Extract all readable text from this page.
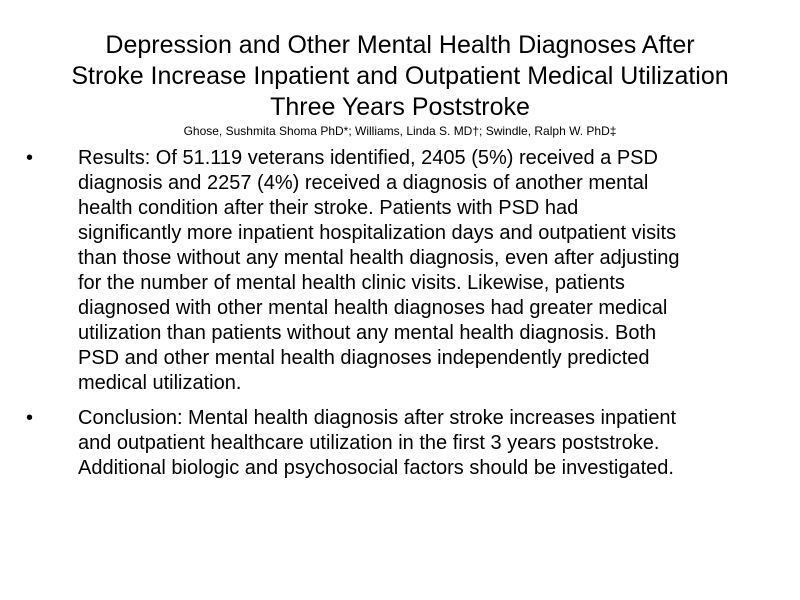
Depression and Other Mental Health Diagnoses After
Stroke Increase Inpatient and Outpatient Medical Utilization
Three Years Poststroke
Ghose, Sushmita Shoma PhD*; Williams, Linda S. MD†; Swindle, Ralph W. PhD‡
•	Results: Of 51.119 veterans identified, 2405 (5%) received a PSD
diagnosis and 2257 (4%) received a diagnosis of another mental
health condition after their stroke. Patients with PSD had
significantly more inpatient hospitalization days and outpatient visits
than those without any mental health diagnosis, even after adjusting
for the number of mental health clinic visits. Likewise, patients
diagnosed with other mental health diagnoses had greater medical
utilization than patients without any mental health diagnosis. Both
PSD and other mental health diagnoses independently predicted
medical utilization.
•	Conclusion: Mental health diagnosis after stroke increases inpatient
and outpatient healthcare utilization in the first 3 years poststroke.
Additional biologic and psychosocial factors should be investigated.
